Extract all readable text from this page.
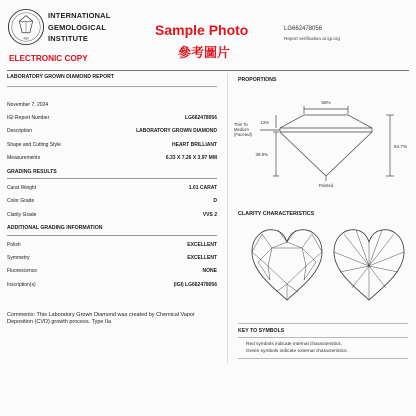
IGI
INTERNATIONAL
GEMOLOGICAL
INSTITUTE
ELECTRONIC COPY
Sample Photo
參考圖片
LG662478056
Report verification at igi.org
LABORATORY GROWN DIAMOND REPORT
November 7, 2024
IGI Report Number	LG662478056
Description	LABORATORY GROWN DIAMOND
Shape and Cutting Style	HEART BRILLIANT
Measurements	6.33 X 7.26 X 3.97 MM
GRADING RESULTS
Carat Weight	1.01 CARAT
Color Grade	D
Clarity Grade	VVS 2
ADDITIONAL GRADING INFORMATION
Polish	EXCELLENT
Symmetry	EXCELLENT
Fluorescence	NONE
Inscription(s)	(IGI) LG662478056
Comments: This Laboratory Grown Diamond was created by Chemical Vapor Deposition (CVD) growth process. Type IIa
PROPORTIONS
58%
13%
39.5%
54.7%
Thin To
Medium
(Faceted)
Pointed
CLARITY CHARACTERISTICS
KEY TO SYMBOLS
Red symbols indicate internal characteristics.
Green symbols indicate external characteristics.
